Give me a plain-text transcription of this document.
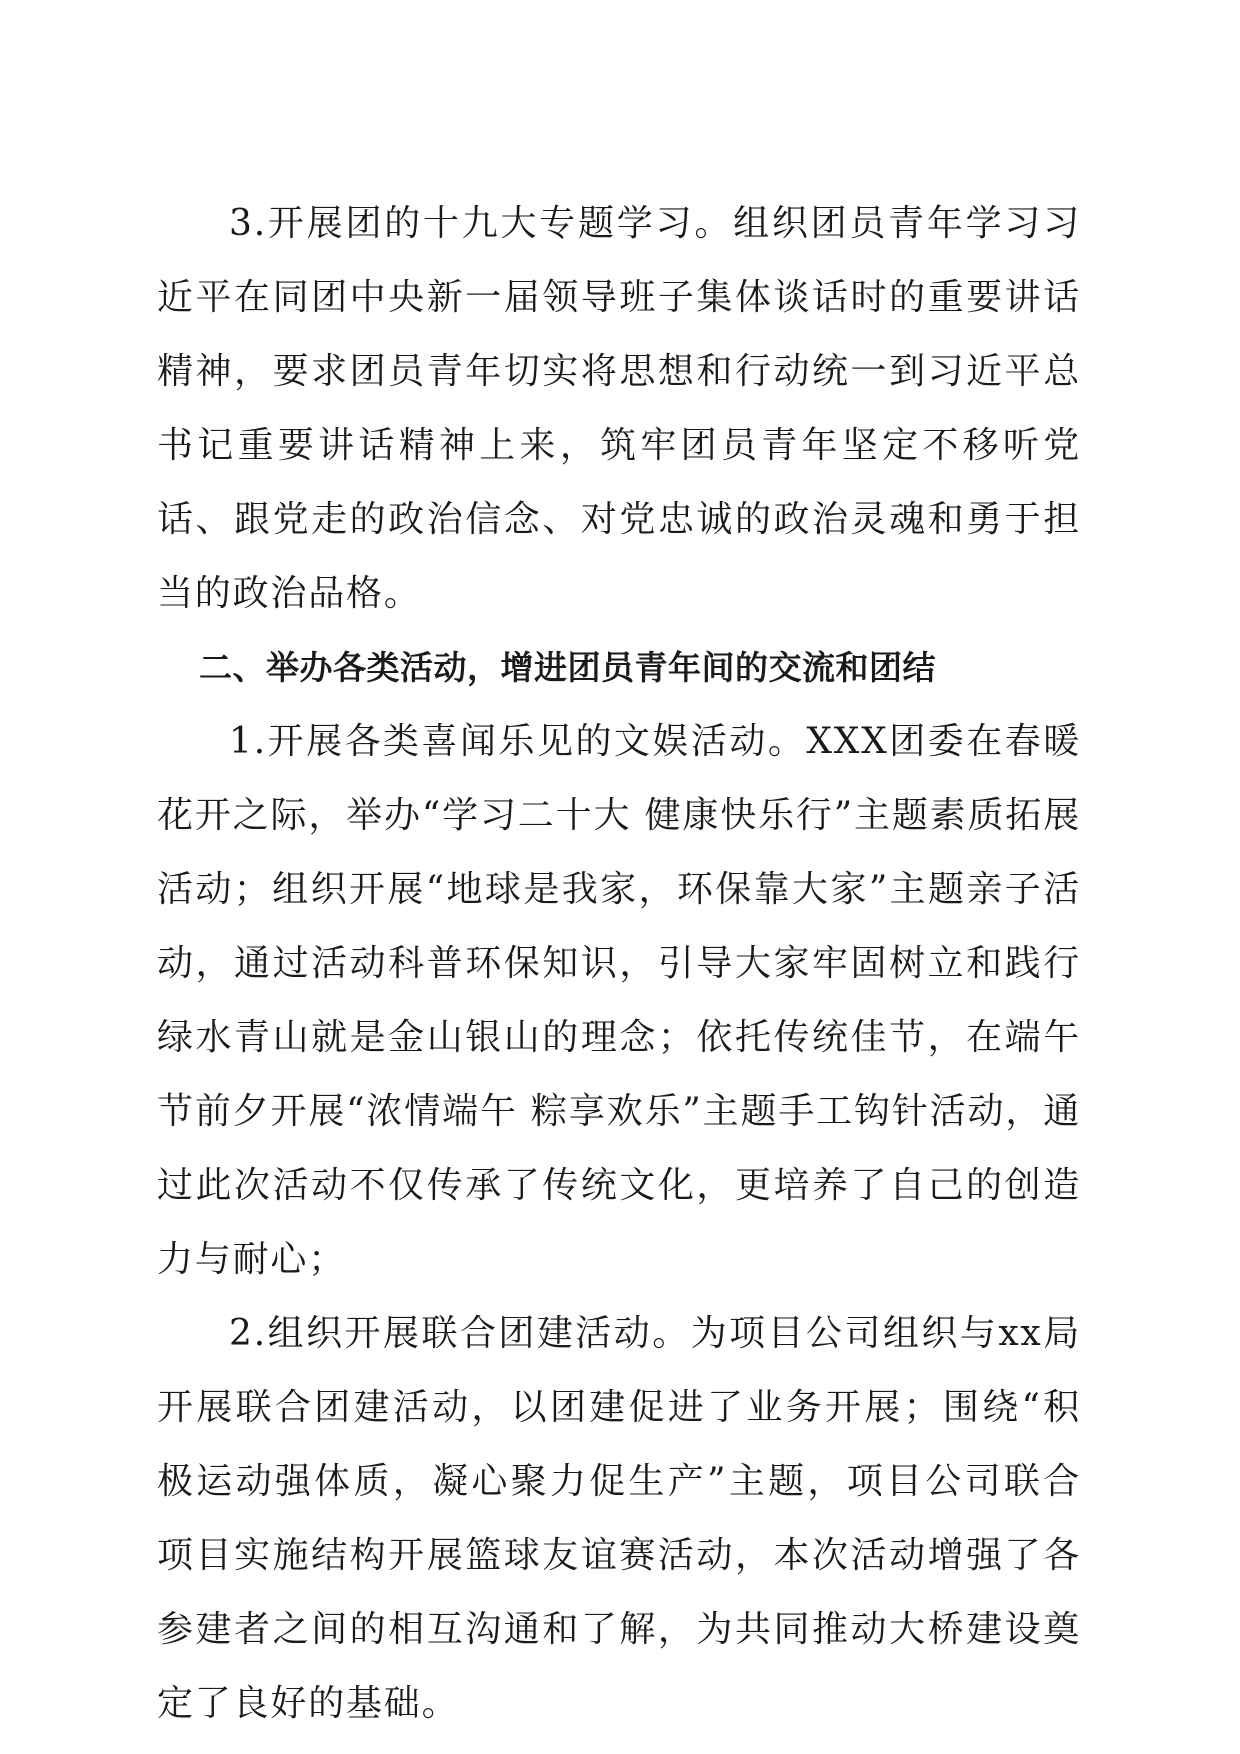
3.开展团的十九大专题学习。组织团员青年学习习近平在同团中央新一届领导班子集体谈话时的重要讲话精神，要求团员青年切实将思想和行动统一到习近平总书记重要讲话精神上来，筑牢团员青年坚定不移听党话、跟党走的政治信念、对党忠诚的政治灵魂和勇于担当的政治品格。

二、举办各类活动，增进团员青年间的交流和团结

1.开展各类喜闻乐见的文娱活动。XXX团委在春暖花开之际，举办“学习二十大 健康快乐行”主题素质拓展活动；组织开展“地球是我家，环保靠大家”主题亲子活动，通过活动科普环保知识，引导大家牢固树立和践行绿水青山就是金山银山的理念；依托传统佳节，在端午节前夕开展“浓情端午 粽享欢乐”主题手工钩针活动，通过此次活动不仅传承了传统文化，更培养了自己的创造力与耐心；

2.组织开展联合团建活动。为项目公司组织与xx局开展联合团建活动，以团建促进了业务开展；围绕“积极运动强体质，凝心聚力促生产”主题，项目公司联合项目实施结构开展篮球友谊赛活动，本次活动增强了各参建者之间的相互沟通和了解，为共同推动大桥建设奠定了良好的基础。
